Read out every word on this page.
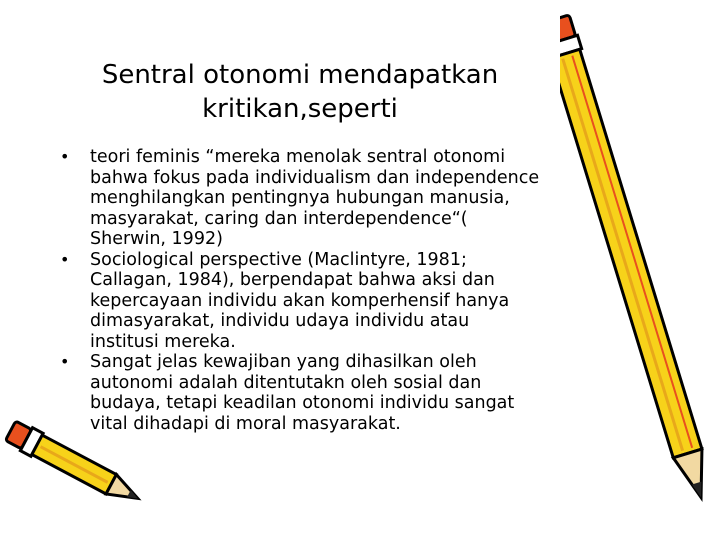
Sentral otonomi mendapatkan
kritikan,seperti
•	teori feminis “mereka menolak sentral otonomi
bahwa fokus pada individualism dan independence
menghilangkan pentingnya hubungan manusia,
masyarakat, caring dan interdependence“(
Sherwin, 1992)
•	Sociological perspective (Maclintyre, 1981;
Callagan, 1984), berpendapat bahwa aksi dan
kepercayaan individu akan komperhensif hanya
dimasyarakat, individu udaya individu atau
institusi mereka.
•	Sangat jelas kewajiban yang dihasilkan oleh
autonomi adalah ditentutakn oleh sosial dan
budaya, tetapi keadilan otonomi individu sangat
vital dihadapi di moral masyarakat.
